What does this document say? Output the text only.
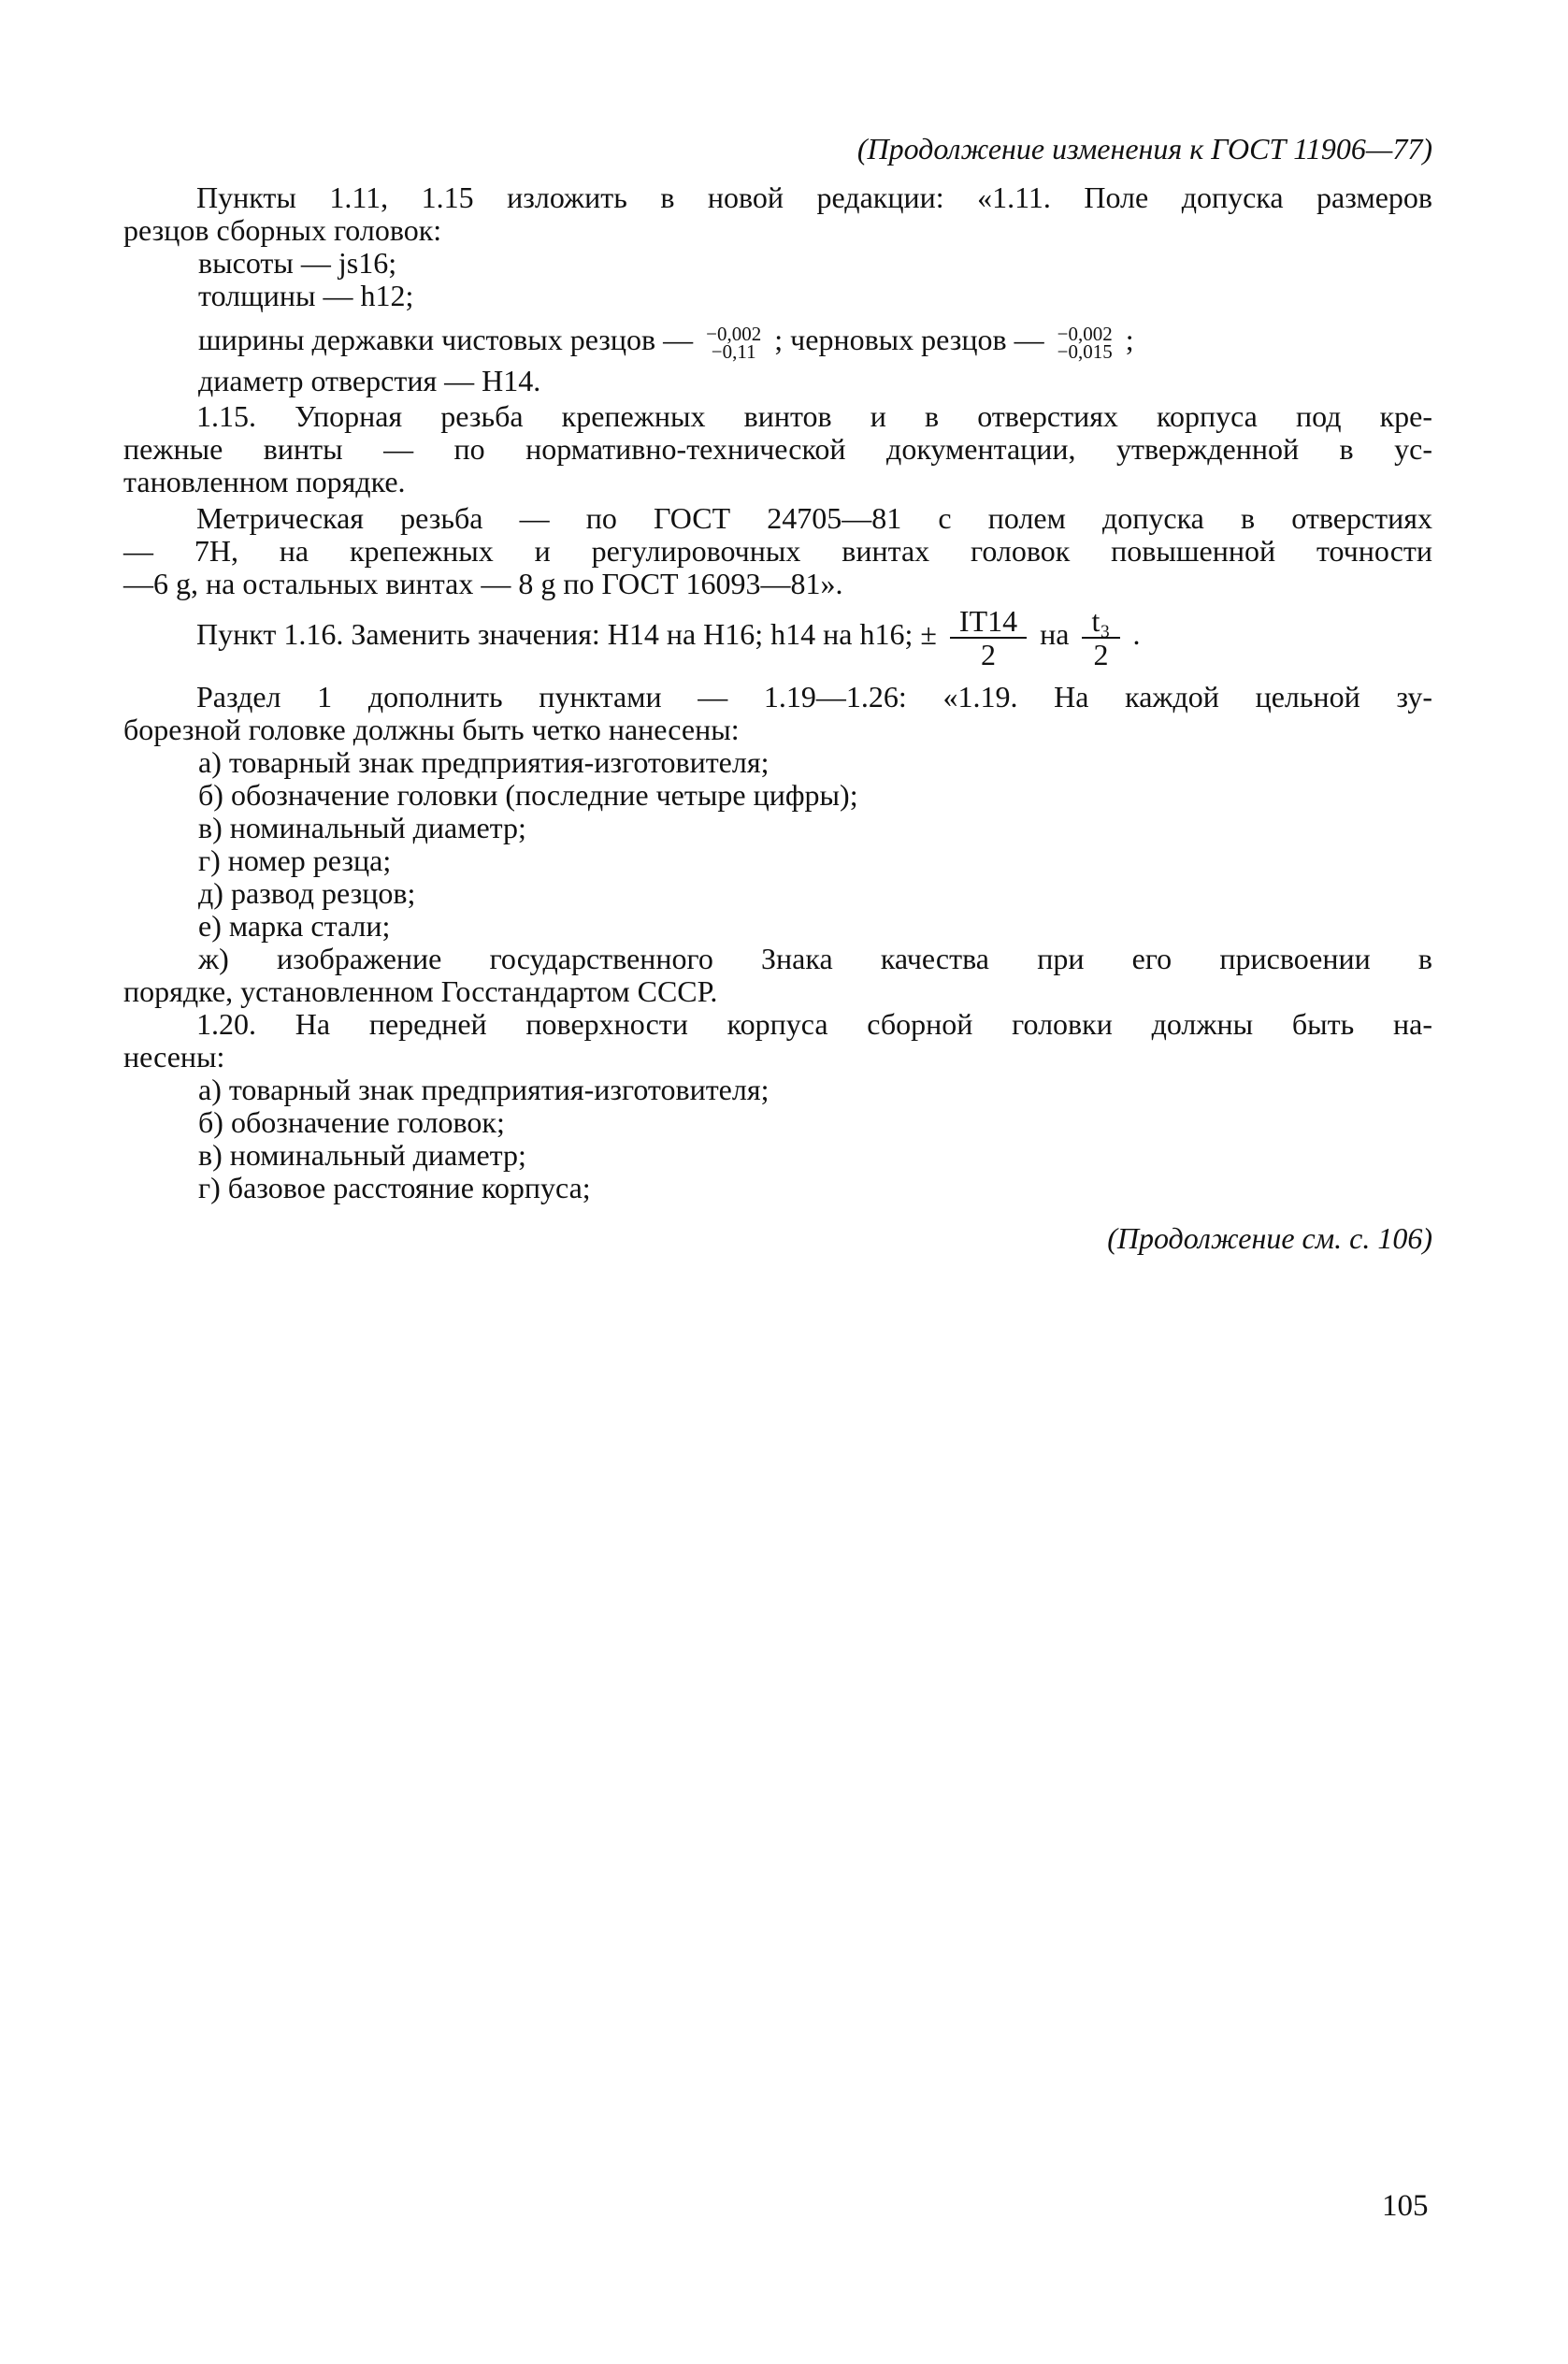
(Продолжение изменения к ГОСТ 11906—77)
Пункты 1.11, 1.15 изложить в новой редакции: «1.11. Поле допуска размеров
резцов сборных головок:
высоты — js16;
толщины — h12;
ширины державки чистовых резцов — −0,002
−0,11 ; черновых резцов — −0,002
−0,015 ;
диаметр отверстия — H14.
1.15. Упорная резьба крепежных винтов и в отверстиях корпуса под кре-
пежные винты — по нормативно-технической документации, утвержденной в ус-
тановленном порядке.
Метрическая резьба — по ГОСТ 24705—81 с полем допуска в отверстиях
— 7H, на крепежных и регулировочных винтах головок повышенной точности
—6 g, на остальных винтах — 8 g по ГОСТ 16093—81».
Пункт 1.16. Заменить значения: H14 на H16; h14 на h16; ± $\frac{IT14}{2}$ на $\frac{\text{t₃}}{2}$ .
Раздел 1 дополнить пунктами — 1.19—1.26: «1.19. На каждой цельной зу-
борезной головке должны быть четко нанесены:
а) товарный знак предприятия-изготовителя;
б) обозначение головки (последние четыре цифры);
в) номинальный диаметр;
г) номер резца;
д) развод резцов;
е) марка стали;
ж) изображение государственного Знака качества при его присвоении в
порядке, установленном Госстандартом СССР.
1.20. На передней поверхности корпуса сборной головки должны быть на-
несены:
а) товарный знак предприятия-изготовителя;
б) обозначение головок;
в) номинальный диаметр;
г) базовое расстояние корпуса;
(Продолжение см. с. 106)
105
